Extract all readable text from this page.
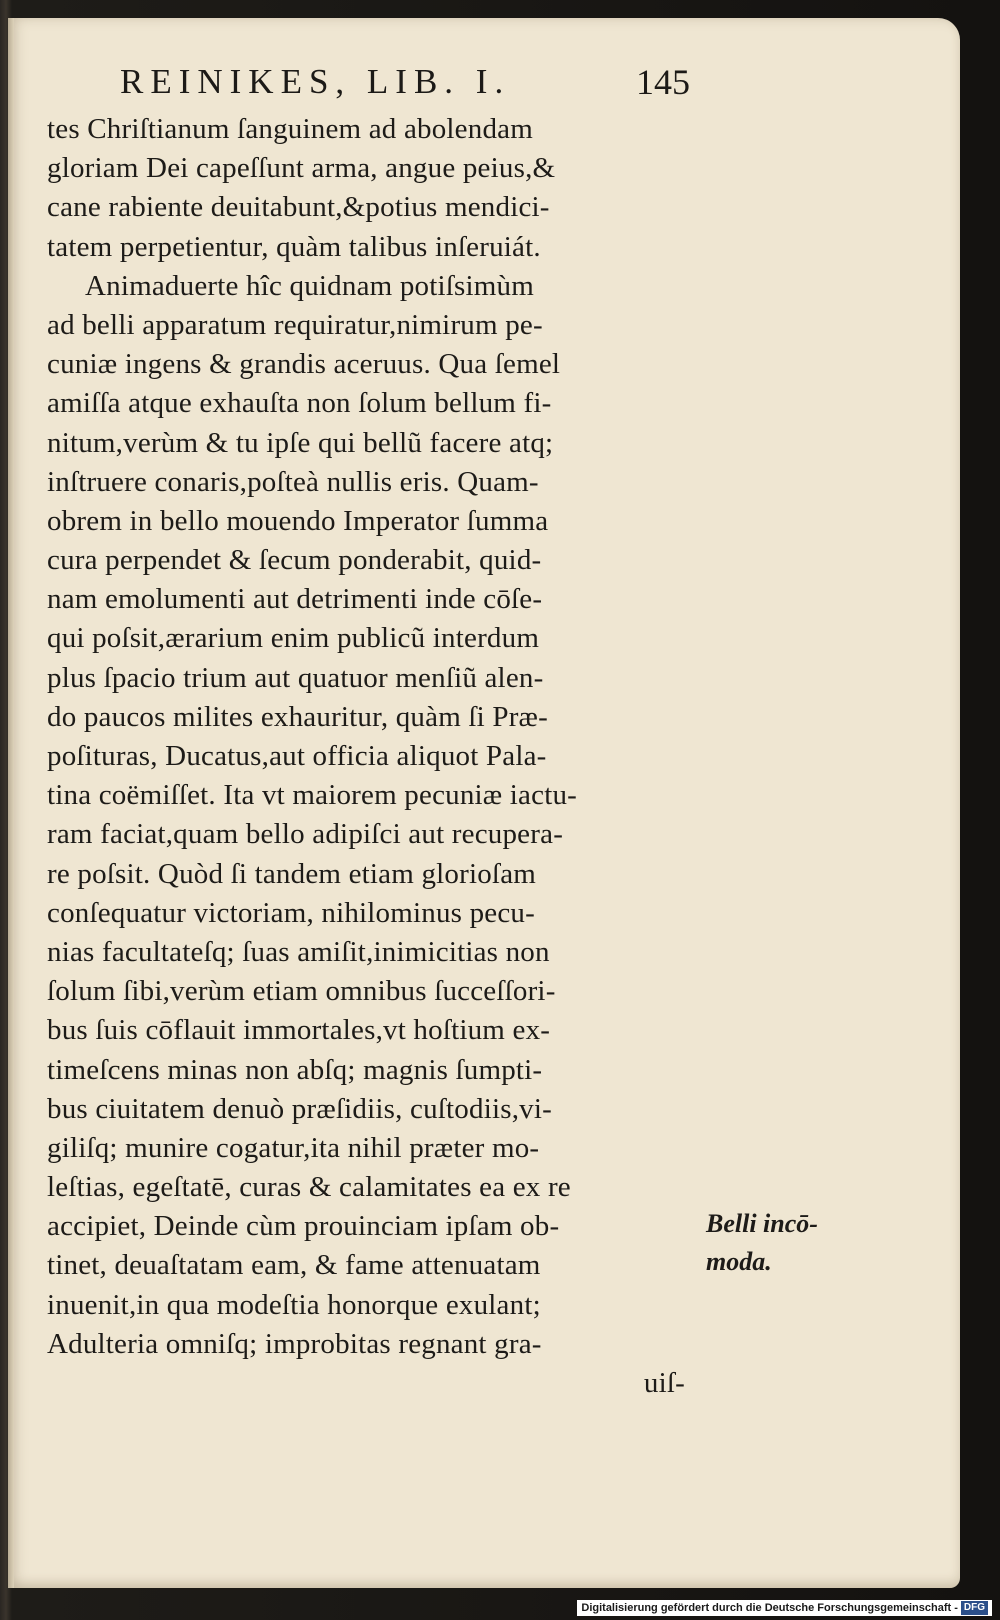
REINIKES, LIB. I.	145
tes Chriſtianum ſanguinem ad abolendam
gloriam Dei capeſſunt arma, angue peius,&
cane rabiente deuitabunt,&potius mendici-
tatem perpetientur, quàm talibus inſeruiát.
Animaduerte hîc quidnam potiſsimùm
ad belli apparatum requiratur,nimirum pe-
cuniæ ingens & grandis aceruus. Qua ſemel
amiſſa atque exhauſta non ſolum bellum fi-
nitum,verùm & tu ipſe qui bellũ facere atq;
inſtruere conaris,poſteà nullis eris. Quam-
obrem in bello mouendo Imperator ſumma
cura perpendet & ſecum ponderabit, quid-
nam emolumenti aut detrimenti inde cōſe-
qui poſsit,ærarium enim publicũ interdum
plus ſpacio trium aut quatuor menſiũ alen-
do paucos milites exhauritur, quàm ſi Præ-
poſituras, Ducatus,aut officia aliquot Pala-
tina coëmiſſet. Ita vt maiorem pecuniæ iactu-
ram faciat,quam bello adipiſci aut recupera-
re poſsit. Quòd ſi tandem etiam glorioſam
conſequatur victoriam, nihilominus pecu-
nias facultateſq; ſuas amiſit,inimicitias non
ſolum ſibi,verùm etiam omnibus ſucceſſori-
bus ſuis cōflauit immortales,vt hoſtium ex-
timeſcens minas non abſq; magnis ſumpti-
bus ciuitatem denuò præſidiis, cuſtodiis,vi-
giliſq; munire cogatur,ita nihil præter mo-
leſtias, egeſtatē, curas & calamitates ea ex re
accipiet, Deinde cùm prouinciam ipſam ob-
tinet, deuaſtatam eam, & fame attenuatam
inuenit,in qua modeſtia honorque exulant;
Adulteria omniſq; improbitas regnant gra-
uiſ-
Belli incō-
moda.
Digitalisierung gefördert durch die Deutsche Forschungsgemeinschaft - DFG
